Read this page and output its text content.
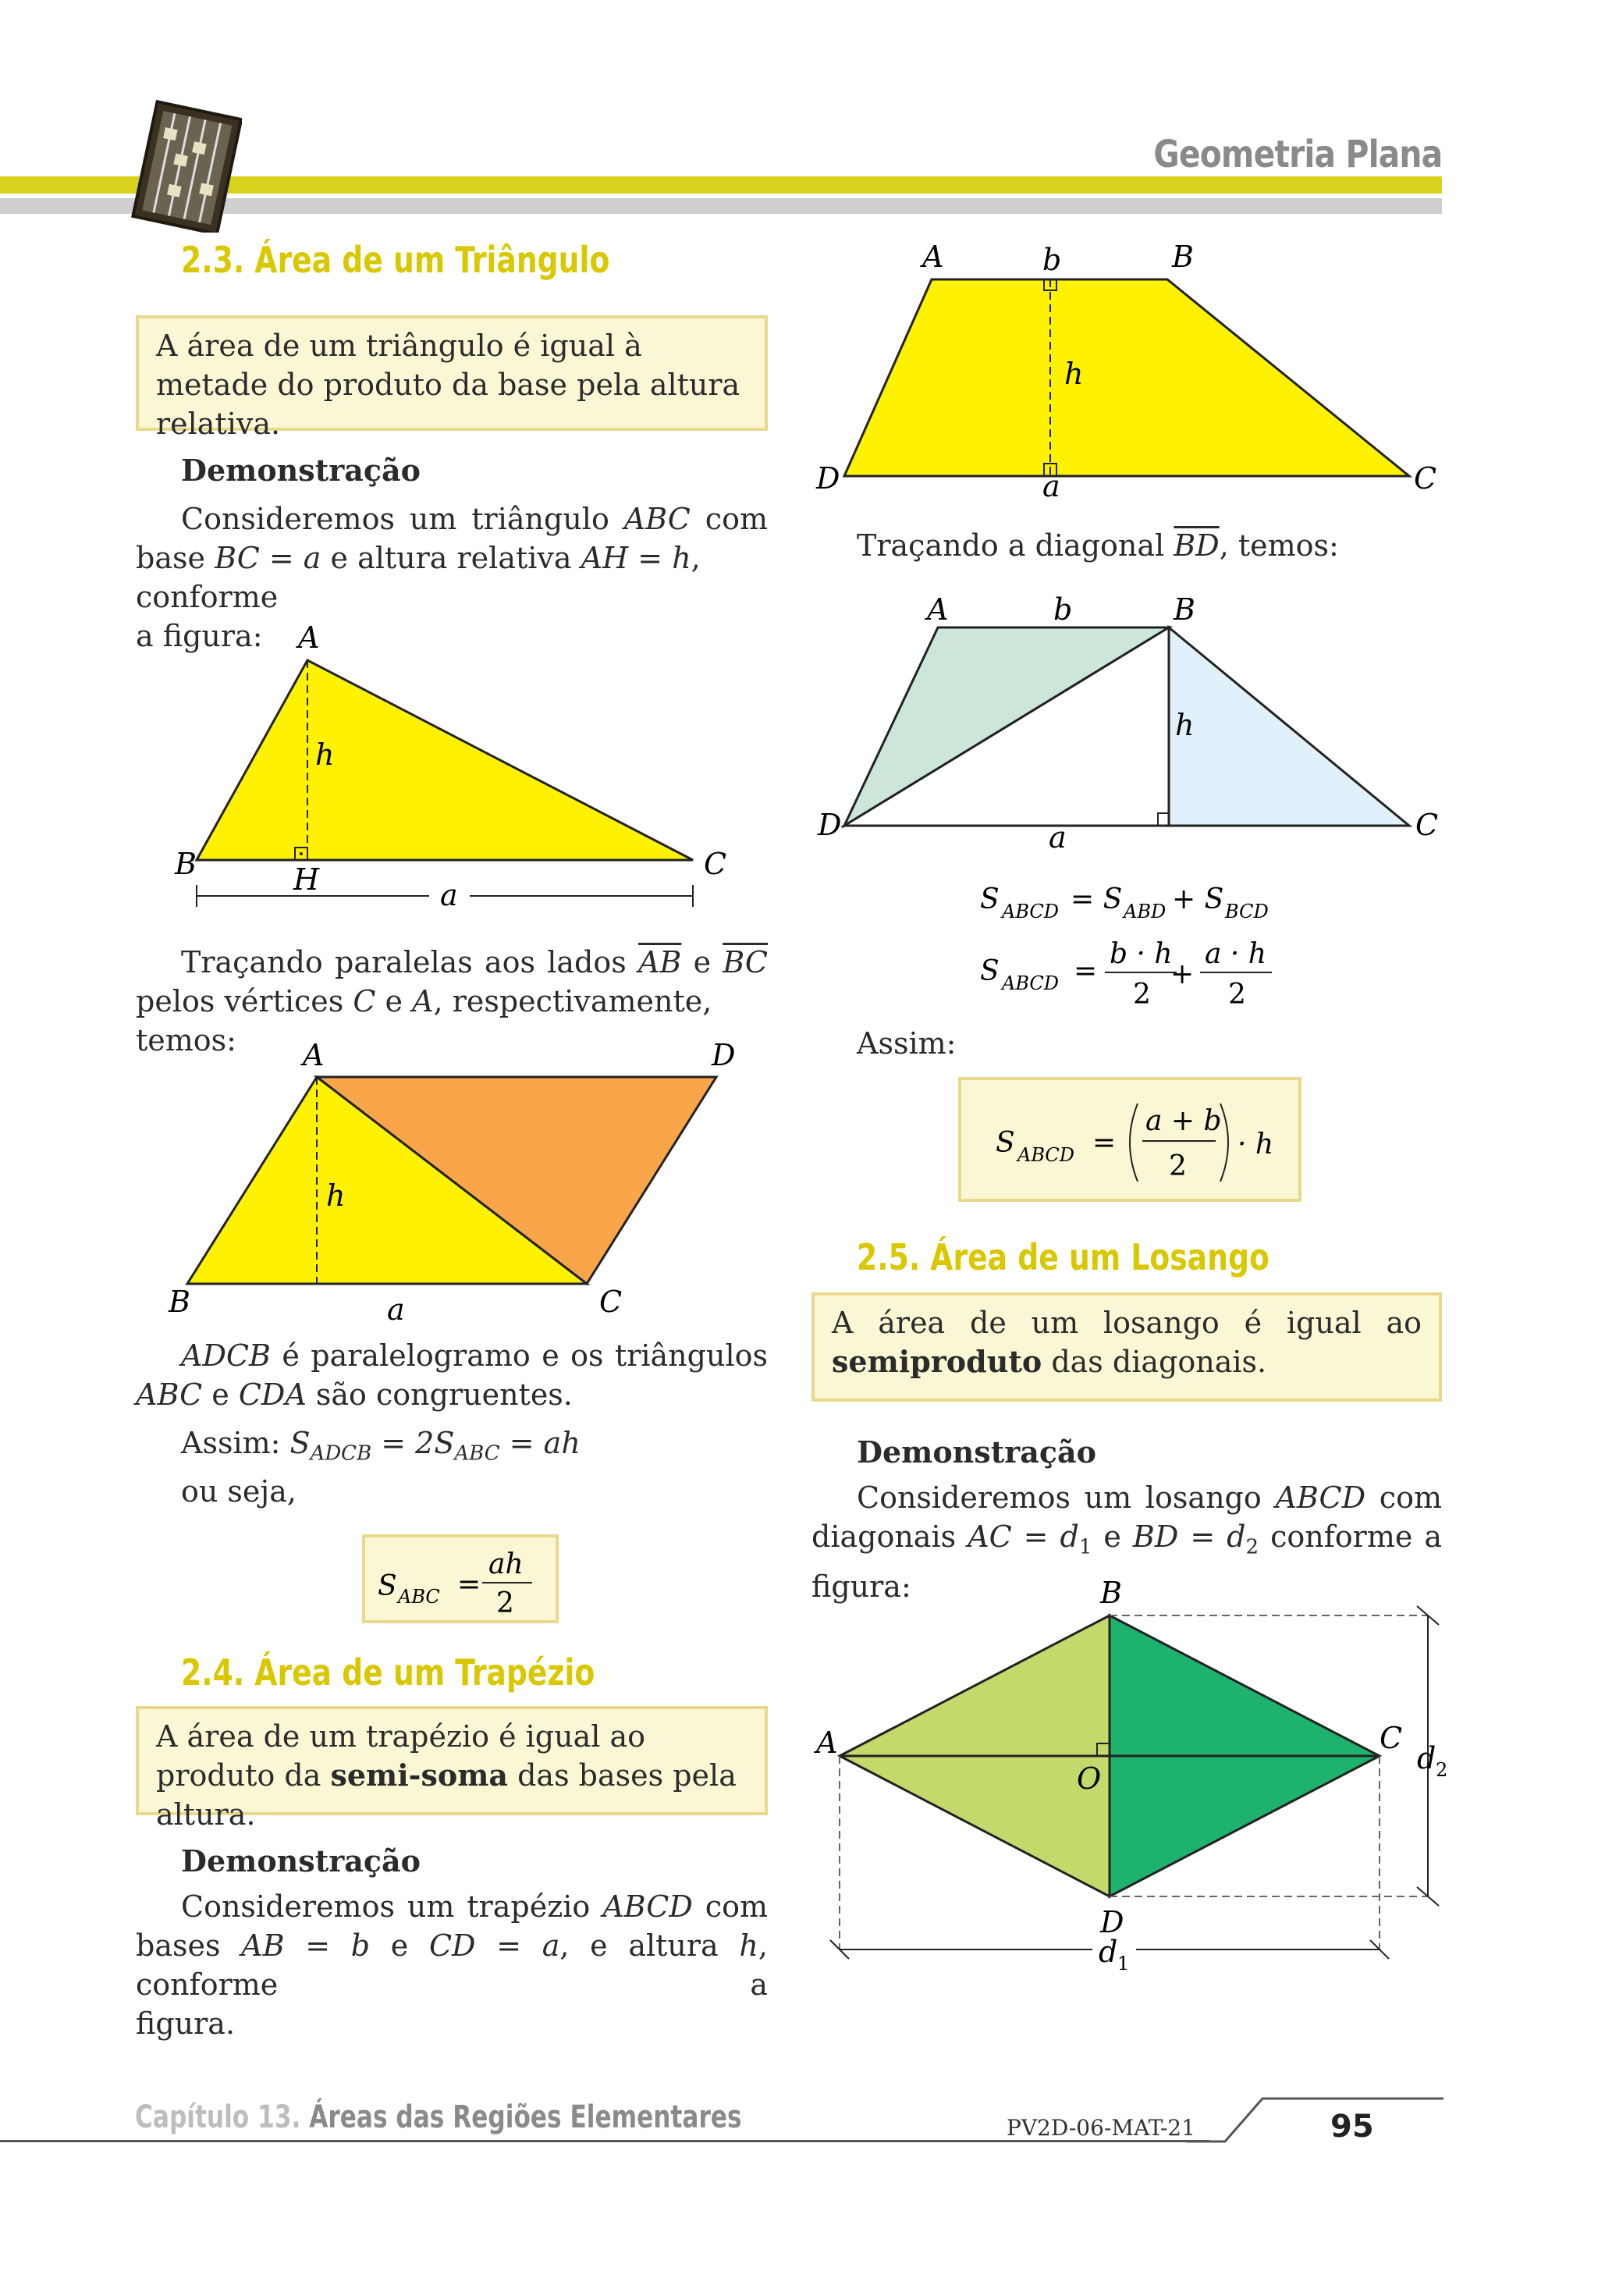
Geometria Plana
2.3. Área de um Triângulo
A área de um triângulo é igual à metade do produto da base pela altura relativa.
Demonstração
Consideremos um triângulo ABC com
base BC = a e altura relativa AH = h, conforme
a figura:	A
B	C
H
h
a
Traçando paralelas aos lados $\overline{AB}$ e $\overline{BC}$
pelos vértices C e A, respectivamente, temos:	A	D
B	C
h
a
ADCB é paralelogramo e os triângulos
ABC e CDA são congruentes.
Assim: $S_{ADCB} = 2S_{ABC}$ = ah
ou seja,
S ABC =
ah
2
2.4. Área de um Trapézio
A área de um trapézio é igual ao produto da semi-soma das bases pela altura.
Demonstração
Consideremos um trapézio ABCD com
bases AB = b e CD = a, e altura h, conforme a
figura.
A	b	B
h
D	a	C
Traçando a diagonal $\overline{BD}$, temos:
A	b	B
h
D	a	C
S ABCD = S ABD + S BCD
S ABCD =
b · h
2
+
a · h
2
Assim:
S ABCD =
a + b
2
· h
2.5. Área de um Losango
A área de um losango é igual ao
semiproduto das diagonais.
Demonstração
Consideremos um losango ABCD com
diagonais AC = $d_1$ e BD = $d_2$ conforme a figura:	B
A	C
O
D
d 1
d 2
Capítulo 13. Áreas das Regiões Elementares	PV2D-06-MAT-21	95
